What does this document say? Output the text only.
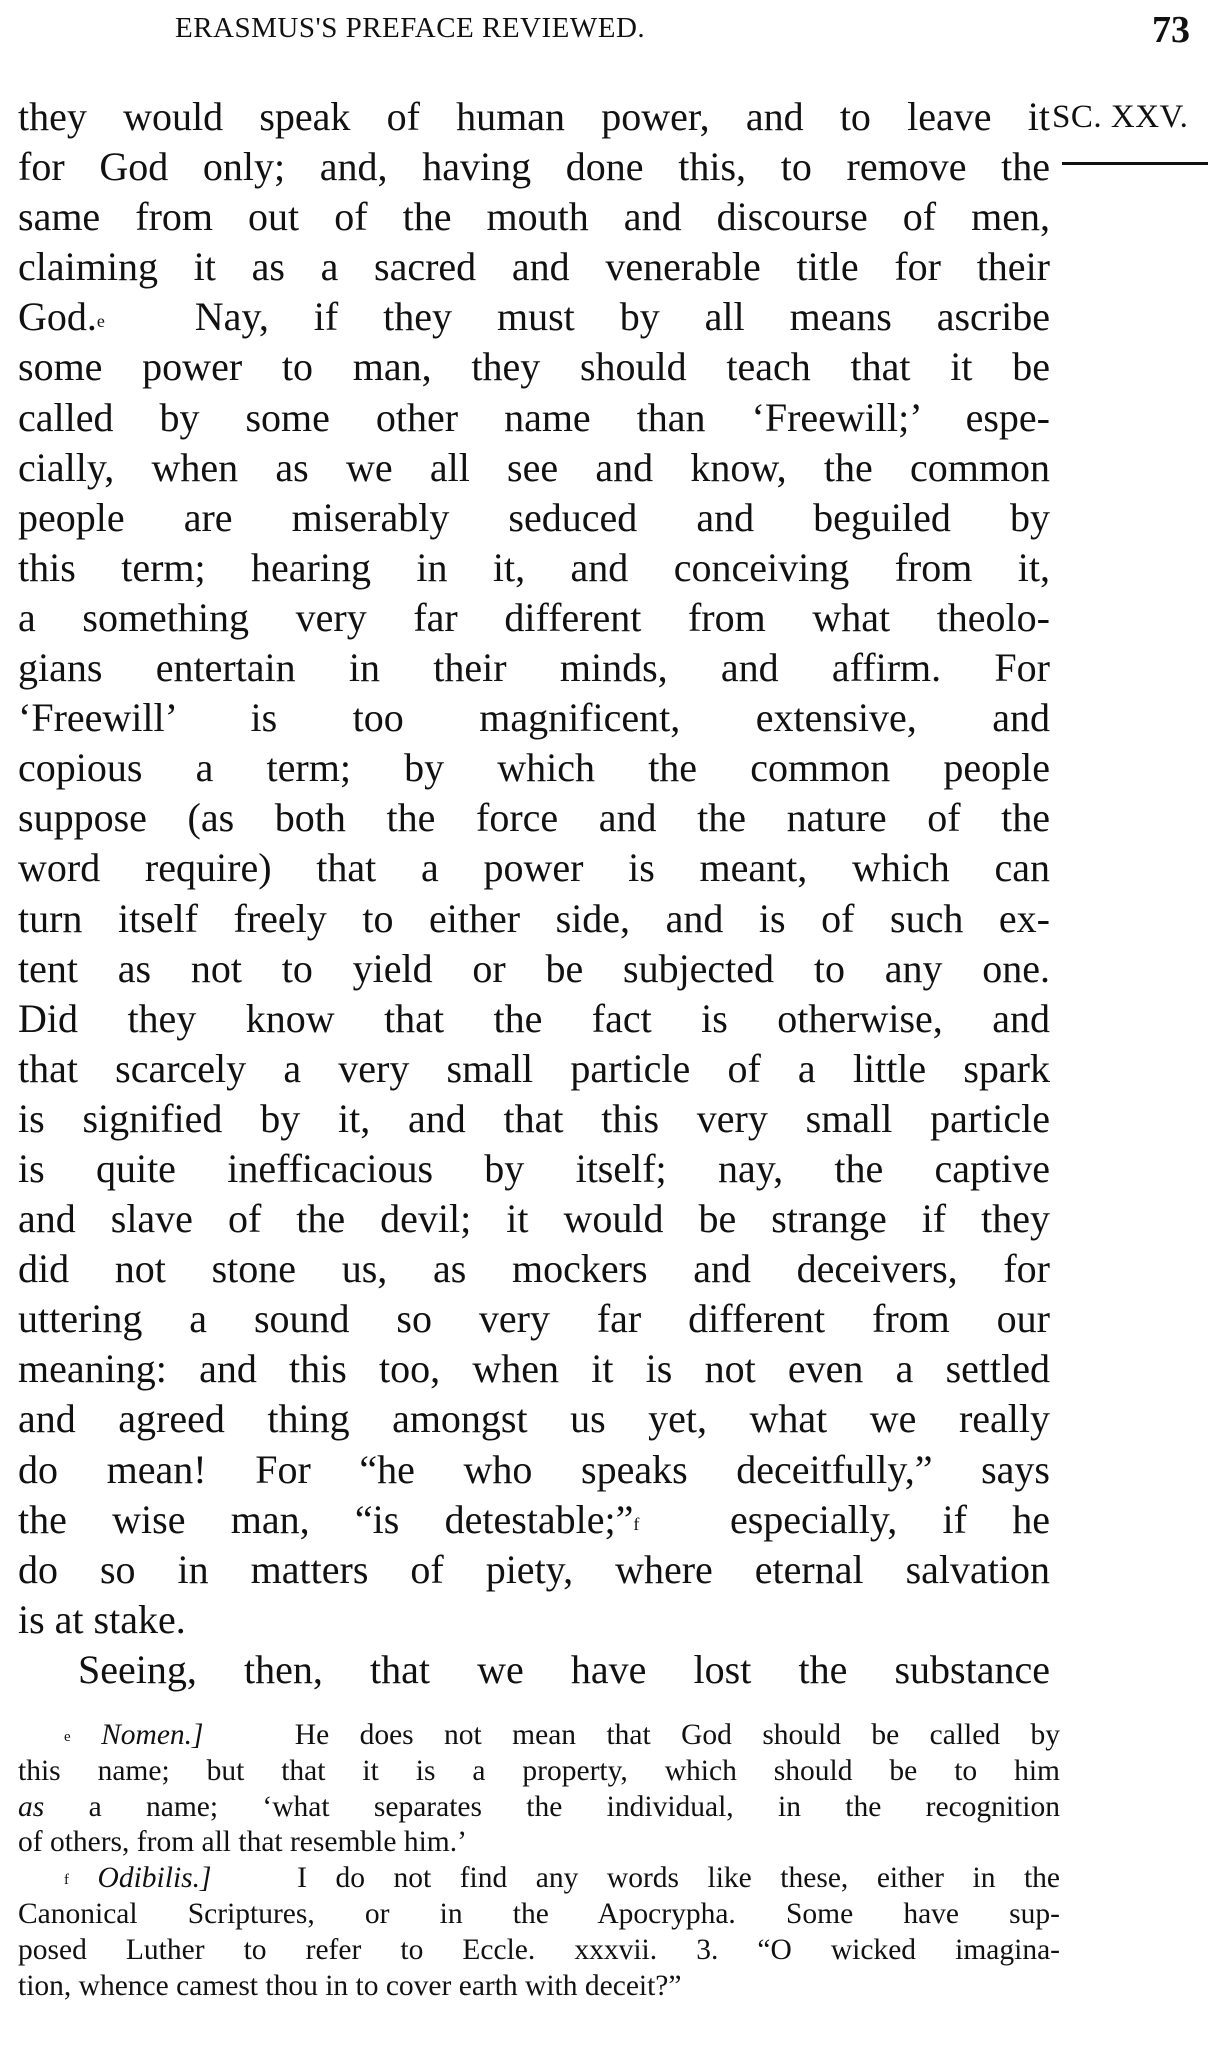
ERASMUS'S PREFACE REVIEWED.	73
SC. XXV.
they would speak of human power, and to leave it
for God only; and, having done this, to remove the
same from out of the mouth and discourse of men,
claiming it as a sacred and venerable title for their
God.$^e$ Nay, if they must by all means ascribe
some power to man, they should teach that it be
called by some other name than ‘Freewill;’ espe-
cially, when as we all see and know, the common
people are miserably seduced and beguiled by
this term; hearing in it, and conceiving from it,
a something very far different from what theolo-
gians entertain in their minds, and affirm. For
‘Freewill’ is too magnificent, extensive, and
copious a term; by which the common people
suppose (as both the force and the nature of the
word require) that a power is meant, which can
turn itself freely to either side, and is of such ex-
tent as not to yield or be subjected to any one.
Did they know that the fact is otherwise, and
that scarcely a very small particle of a little spark
is signified by it, and that this very small particle
is quite inefficacious by itself; nay, the captive
and slave of the devil; it would be strange if they
did not stone us, as mockers and deceivers, for
uttering a sound so very far different from our
meaning: and this too, when it is not even a settled
and agreed thing amongst us yet, what we really
do mean! For “he who speaks deceitfully,” says
the wise man, “is detestable;”$^f$ especially, if he
do so in matters of piety, where eternal salvation
is at stake.
Seeing, then, that we have lost the substance
$^e$ Nomen.]	He does not mean that God should be called by
this name; but that it is a property, which should be to him
as a name; ‘what separates the individual, in the recognition
of others, from all that resemble him.’
$^f$ Odibilis.]	I do not find any words like these, either in the
Canonical Scriptures, or in the Apocrypha. Some have sup-
posed Luther to refer to Eccle. xxxvii. 3. “O wicked imagina-
tion, whence camest thou in to cover earth with deceit?”
